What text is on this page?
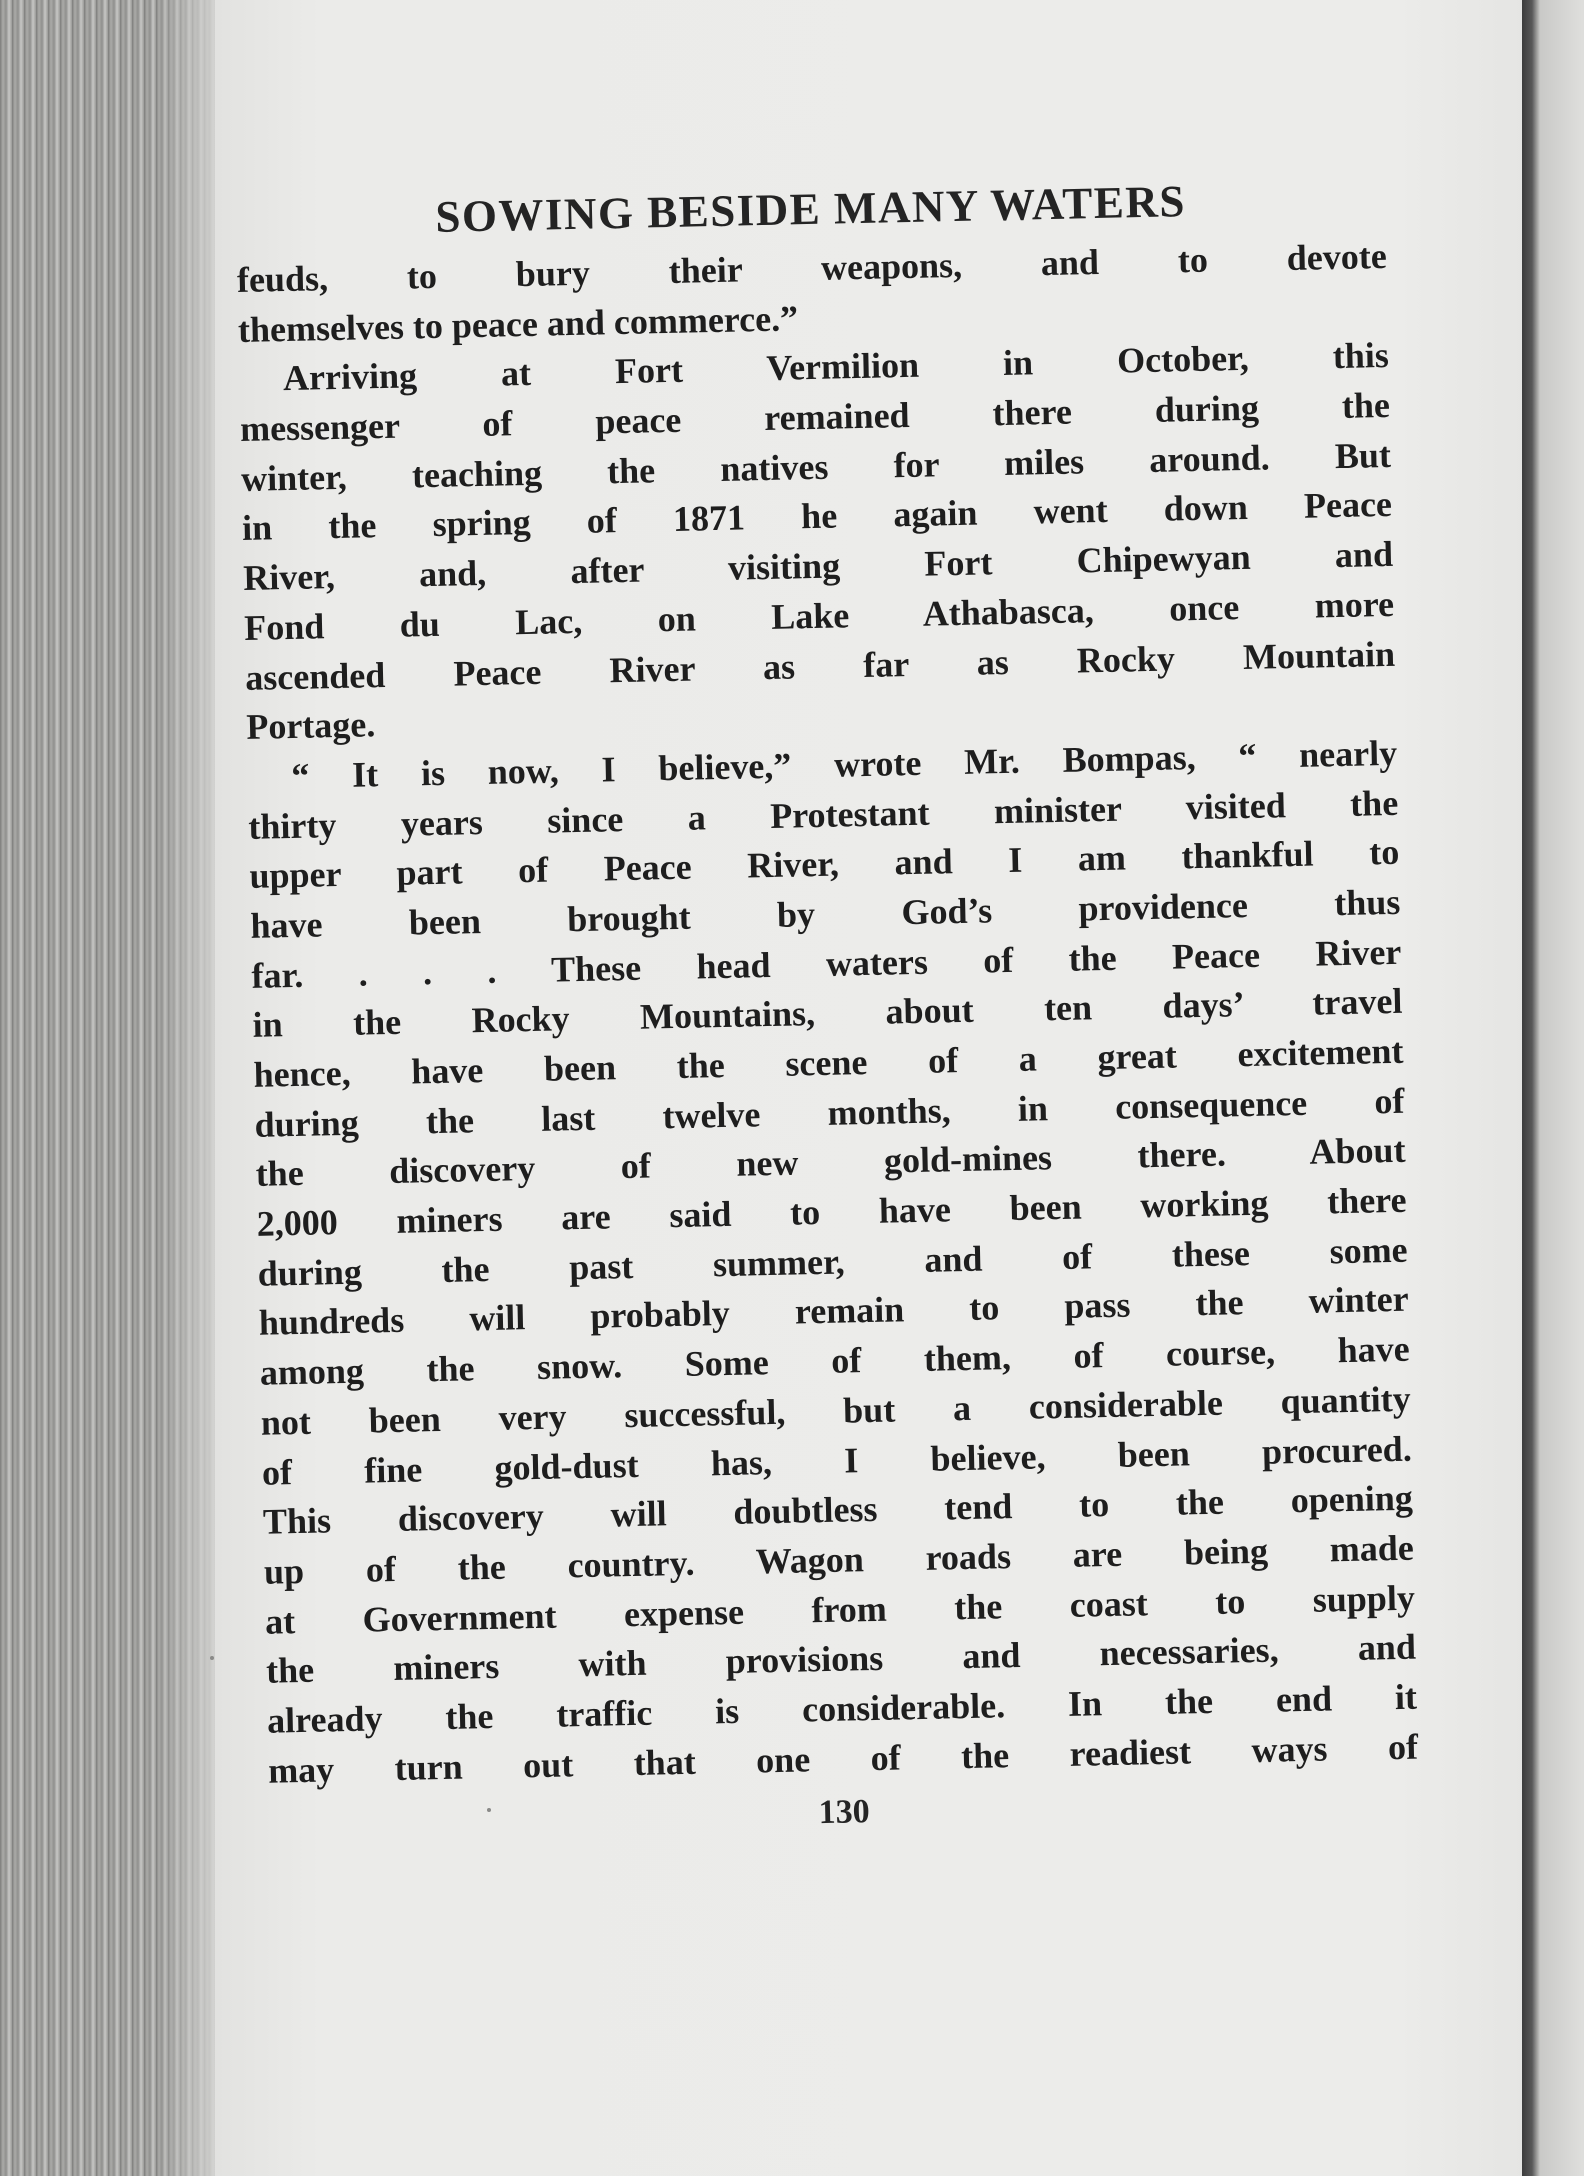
SOWING BESIDE MANY WATERS
feuds, to bury their weapons, and to devote
themselves to peace and commerce.”
Arriving at Fort Vermilion in October, this
messenger of peace remained there during the
winter, teaching the natives for miles around. But
in the spring of 1871 he again went down Peace
River, and, after visiting Fort Chipewyan and
Fond du Lac, on Lake Athabasca, once more
ascended Peace River as far as Rocky Mountain
Portage.
“ It is now, I believe,” wrote Mr. Bompas, “ nearly
thirty years since a Protestant minister visited the
upper part of Peace River, and I am thankful to
have been brought by God’s providence thus
far. . . . These head waters of the Peace River
in the Rocky Mountains, about ten days’ travel
hence, have been the scene of a great excitement
during the last twelve months, in consequence of
the discovery of new gold-mines there. About
2,000 miners are said to have been working there
during the past summer, and of these some
hundreds will probably remain to pass the winter
among the snow. Some of them, of course, have
not been very successful, but a considerable quantity
of fine gold-dust has, I believe, been procured.
This discovery will doubtless tend to the opening
up of the country. Wagon roads are being made
at Government expense from the coast to supply
the miners with provisions and necessaries, and
already the traffic is considerable. In the end it
may turn out that one of the readiest ways of
130
